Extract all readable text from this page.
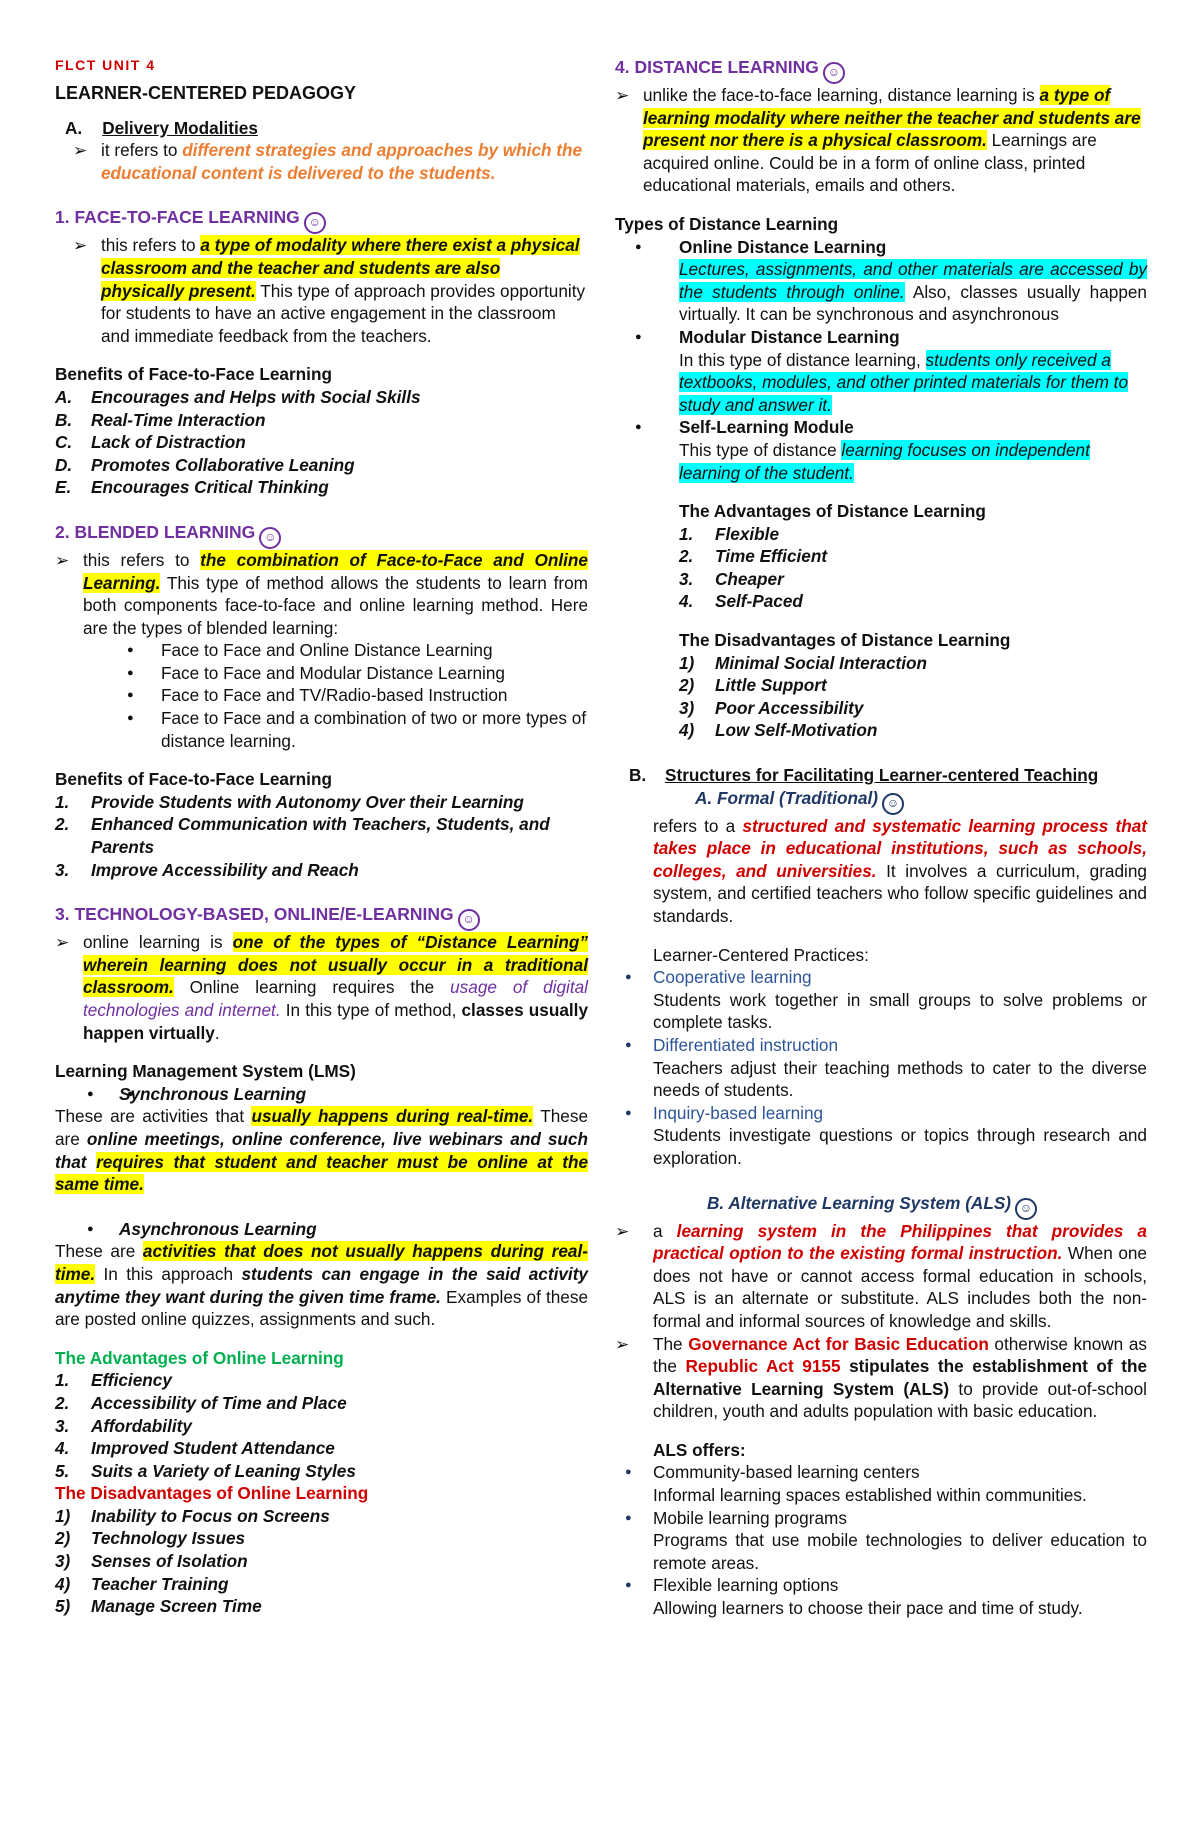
FLCT UNIT 4
LEARNER-CENTERED PEDAGOGY
A. Delivery Modalities
➢ it refers to different strategies and approaches by which the educational content is delivered to the students.
1. FACE-TO-FACE LEARNING ☺
➢ this refers to a type of modality where there exist a physical classroom and the teacher and students are also physically present. This type of approach provides opportunity for students to have an active engagement in the classroom and immediate feedback from the teachers.
Benefits of Face-to-Face Learning
A. Encourages and Helps with Social Skills
B. Real-Time Interaction
C. Lack of Distraction
D. Promotes Collaborative Leaning
E. Encourages Critical Thinking
2. BLENDED LEARNING ☺
➢ this refers to the combination of Face-to-Face and Online Learning. This type of method allows the students to learn from both components face-to-face and online learning method. Here are the types of blended learning:
● Face to Face and Online Distance Learning
● Face to Face and Modular Distance Learning
● Face to Face and TV/Radio-based Instruction
● Face to Face and a combination of two or more types of distance learning.
Benefits of Face-to-Face Learning
1. Provide Students with Autonomy Over their Learning
2. Enhanced Communication with Teachers, Students, and Parents
3. Improve Accessibility and Reach
3. TECHNOLOGY-BASED, ONLINE/E-LEARNING ☺
➢ online learning is one of the types of “Distance Learning” wherein learning does not usually occur in a traditional classroom. Online learning requires the usage of digital technologies and internet. In this type of method, classes usually happen virtually.
Learning Management System (LMS)
● ● Synchronous Learning
These are activities that usually happens during real-time. These are online meetings, online conference, live webinars and such that requires that student and teacher must be online at the same time.
● Asynchronous Learning
These are activities that does not usually happens during real-time. In this approach students can engage in the said activity anytime they want during the given time frame. Examples of these are posted online quizzes, assignments and such.
The Advantages of Online Learning
1. Efficiency
2. Accessibility of Time and Place
3. Affordability
4. Improved Student Attendance
5. Suits a Variety of Leaning Styles
The Disadvantages of Online Learning
1) Inability to Focus on Screens
2) Technology Issues
3) Senses of Isolation
4) Teacher Training
5) Manage Screen Time
4. DISTANCE LEARNING ☺
➢ unlike the face-to-face learning, distance learning is a type of learning modality where neither the teacher and students are present nor there is a physical classroom. Learnings are acquired online. Could be in a form of online class, printed educational materials, emails and others.
Types of Distance Learning
● Online Distance Learning
Lectures, assignments, and other materials are accessed by the students through online. Also, classes usually happen virtually. It can be synchronous and asynchronous
● Modular Distance Learning
In this type of distance learning, students only received a textbooks, modules, and other printed materials for them to study and answer it.
● Self-Learning Module
This type of distance learning focuses on independent learning of the student.
The Advantages of Distance Learning
1. Flexible
2. Time Efficient
3. Cheaper
4. Self-Paced
The Disadvantages of Distance Learning
1) Minimal Social Interaction
2) Little Support
3) Poor Accessibility
4) Low Self-Motivation
B. Structures for Facilitating Learner-centered Teaching
A. Formal (Traditional) ☺
refers to a structured and systematic learning process that takes place in educational institutions, such as schools, colleges, and universities. It involves a curriculum, grading system, and certified teachers who follow specific guidelines and standards.
Learner-Centered Practices:
● Cooperative learning
Students work together in small groups to solve problems or complete tasks.
● Differentiated instruction
Teachers adjust their teaching methods to cater to the diverse needs of students.
● Inquiry-based learning
Students investigate questions or topics through research and exploration.
B. Alternative Learning System (ALS) ☺
➢ a learning system in the Philippines that provides a practical option to the existing formal instruction. When one does not have or cannot access formal education in schools, ALS is an alternate or substitute. ALS includes both the non- formal and informal sources of knowledge and skills.
➢ The Governance Act for Basic Education otherwise known as the Republic Act 9155 stipulates the establishment of the Alternative Learning System (ALS) to provide out-of-school children, youth and adults population with basic education.
ALS offers:
● Community-based learning centers
Informal learning spaces established within communities.
● Mobile learning programs
Programs that use mobile technologies to deliver education to remote areas.
● Flexible learning options
Allowing learners to choose their pace and time of study.
